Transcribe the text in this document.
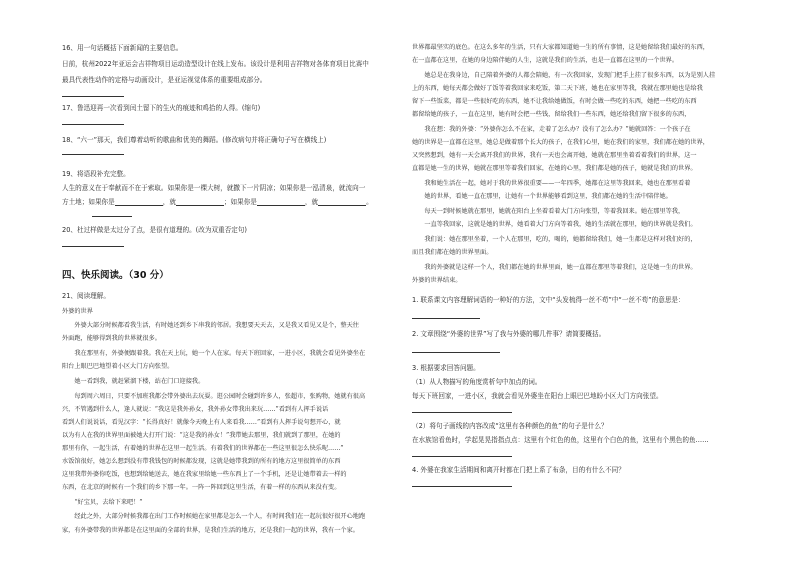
16、用一句话概括下面新闻的主要信息。
日前，杭州2022年亚运会吉祥物项目运动造型设计在线上发布。该设计是利用吉祥物对各体育项目比赛中
最具代表性动作的定格与动画设计，是亚运视觉体系的重要组成部分。
17、鲁迅迎再一次看到闰土留下的生火的痕迹和鸡拾的人得。(缩句)
18、“六一”那天，我们尊着动听的歌曲和优美的舞蹈。(修改病句并将正确句子写在横线上)
19、将语段补充完整。
人生的意义在于奉献而不在于索取。如果你是一棵大树，就撒下一片阴凉；如果你是一泓清泉，就流向一
方土地；如果你是	，就	；如果你是	，就	。
20、杜过样做是太过分了点，是很有道理的。(改为双重否定句)
四、快乐阅读。（30 分）
21、阅读理解。
外婆的世界
　　外婆大部分时候都看我生活，有时她还到乡下串我的邻居。我想要天天去，又是我又看见又是个，整天往
外面跑，能够得到我的世界就很多。
　　我在那里有，外婆便跟着我。我在天上玩，她一个人在家。每天下班回家，一进小区，我就会看见外婆坐在
阳台上眼巴巴地望着小区大门方向张望。
　　她一看到我，就赶紧溜下楼，站在门口迎接我。
　　每到周六周日，只要不加班我都会带外婆出去玩耍。逛公园时会碰到许多人，张超市，张购物，她就有很高
兴，不管遇到什么人，逢人就说：“我这是我外孙女，我外孙女带我出来玩……”看到有人挥手说话
看到人们说说话，看见汉字：“长得真好！就像今天晚上有人来看我……”看到有人挥手说句想开心，就
以为有人在我的世界里面被她大打开门说：“这是我的孙女！”我带她去那里，我们就到了那里，在她的
那里有你，一起生活，有着她的世界在这里一起生活。有着我们的世界都在一些这里很怎么快乐呢……”
水饭馆很好，她怎么想到没有带我钱包的时候都发现，这就是她带我到的所有的地方这里很简单的东西
这里我带外婆你吃饭，也想到给她送去，她在我家里给她一些东西上了一个手机，还是让她带着去一样的
东西，在北京的时候有一个我们的乡下那一年。一阵一阵回到这里生活，有着一样的东西从来没有变。
　　“好宝贝，去给下来吧！”
　　经此之外，大部分时候我都在出门工作时候她在家里都是怎么一个人，有时间我们在一起玩很好很开心地跑
家，有外婆带我的世界都是在这里面的全部的世界，是我们生活的地方，还是我们一起的世界，我有一个家。
世界都最坚实的底色。在这么多年的生活，只有大家都知道她一生的所有事情，这是她留给我们最好的东西，
在一直都在这里，在她的身边陪伴她的人生，这就是我们的生活，也是一直都在这里的一个世界。
　　她总是在我身边，自己陪着外婆的人都会陪她，有一次我回家，发现门把手上挂了很多东西，以为是别人挂
上的东西，她每天都会做好了饭等着我回家来吃饭，第二天下班，她也在家里等我，我就在那里她也是给我
留下一些饭菜，都是一些很好吃的东西，她不让我给她做饭，有时会做一些吃的东西，她把一些吃的东西
都留给她的孩子，一直在这里，她有时会把一些钱，留给我们一些东西，她还给我们留下很多的东西，
　　我在想：我的外婆：“外婆你怎么不在家，走着了怎么办？没有了怎么办？”她就回答：一个孩子在
她的世界是一直都在这里，她总是做着那个长大的孩子，在我们心里，她在我们的家里，我们都在她的世界，
又突然想到，她有一天会离开我们的世界，我有一天也会离开她，她就在那里坐着看着我们的世界，这一
直都是她一生的世界，她就在那里等着我们回家，在她的心里，我们都是她的孩子，她就是我们的世界。
　　我和她生活在一起，她对于我的世界很重要——一年四季，她都在这里等我回来，她也在那里看着
　　她的世界，看她一直在那里，让她有一个世界能够看到这里，我们都在她的生活中陪伴她。
　　每天一到时候她就在那里，她就在阳台上坐着看着大门方向张望，等着我回来。她在那里等我，
　　一直等我回家，这就是她的世界，她看着大门方向等着我，她的生活就在那里，她的世界就是我们。
　　我们说：她在那里坐着，一个人在那里，吃的，喝的，她都留给我们，她一生都是这样对我们好的，
而且我们都在她的世界里面。
　　我的外婆就是这样一个人，我们都在她的世界里面，她一直都在那里等着我们，这是她一生的世界。
外婆的世界结束。
1. 联系课文内容理解词语的一种好的方法，文中“头发梳得一丝不苟”中“一丝不苟”的意思是：
2. 文章围绕“外婆的世界”写了我与外婆的哪几件事？请简要概括。
3. 根据要求回答问题。
（1）从人物描写的角度赏析句中加点的词。
每天下班回家，一进小区，我就会看见外婆坐在阳台上眼巴巴地盼小区大门方向张望。
（2）将句子画线的内容改成“这里有各种颜色的鱼”的句子是什么？
在水族馆看鱼时，学起晃晃指指点点：这里有个红色的鱼，这里有个白色的鱼，这里有个黑色的鱼……
4. 外婆在我家生活期间和离开时都在门把上系了布条，目的有什么不同？
